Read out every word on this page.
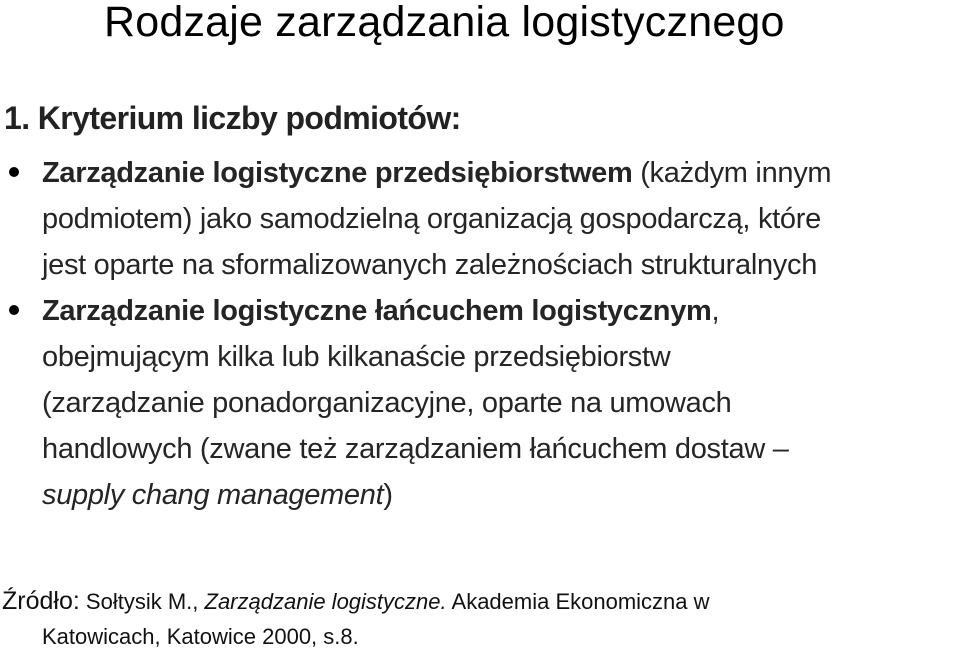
Rodzaje zarządzania logistycznego
1. Kryterium liczby podmiotów:
Zarządzanie logistyczne przedsiębiorstwem (każdym innym
podmiotem) jako samodzielną organizacją gospodarczą, które
jest oparte na sformalizowanych zależnościach strukturalnych
Zarządzanie logistyczne łańcuchem logistycznym,
obejmującym kilka lub kilkanaście przedsiębiorstw
(zarządzanie ponadorganizacyjne, oparte na umowach
handlowych (zwane też zarządzaniem łańcuchem dostaw –
supply chang management)
Źródło: Sołtysik M., Zarządzanie logistyczne. Akademia Ekonomiczna w
Katowicach, Katowice 2000, s.8.
